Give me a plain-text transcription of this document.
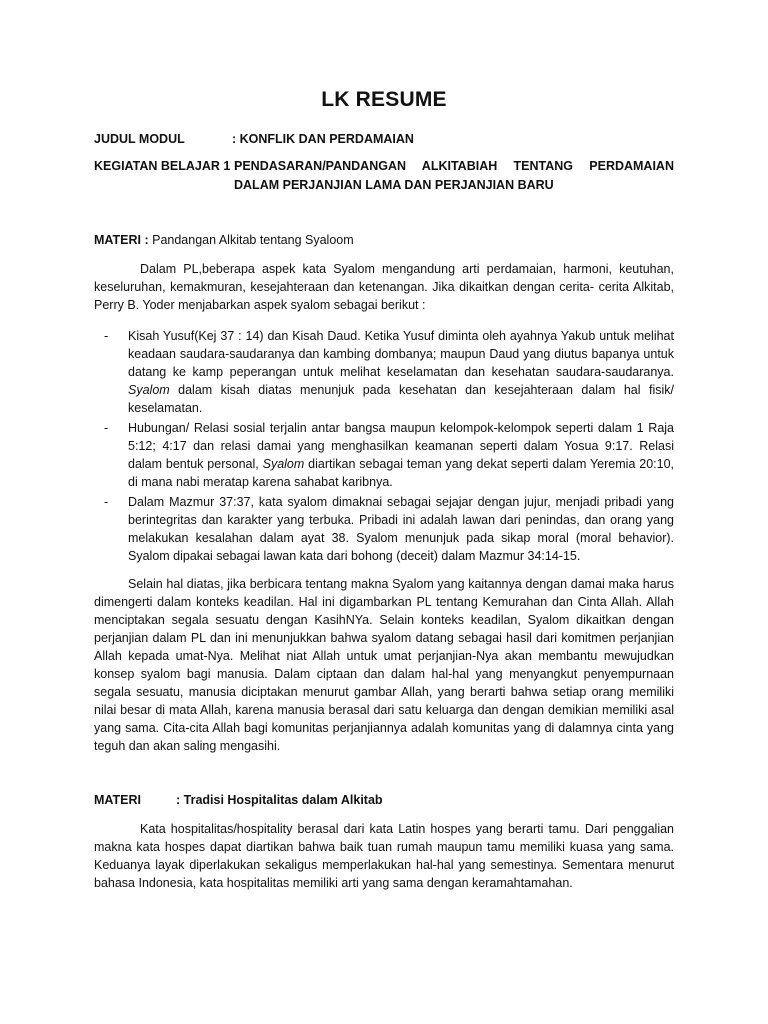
LK RESUME
JUDUL MODUL	: KONFLIK DAN PERDAMAIAN
KEGIATAN BELAJAR 1 :
PENDASARAN/PANDANGAN ALKITABIAH TENTANG PERDAMAIAN DALAM PERJANJIAN LAMA DAN PERJANJIAN BARU
MATERI : Pandangan Alkitab tentang Syaloom

Dalam PL,beberapa aspek kata Syalom mengandung arti perdamaian, harmoni, keutuhan, keseluruhan, kemakmuran, kesejahteraan dan ketenangan. Jika dikaitkan dengan cerita- cerita Alkitab, Perry B. Yoder menjabarkan aspek syalom sebagai berikut :

- Kisah Yusuf(Kej 37 : 14) dan Kisah Daud. Ketika Yusuf diminta oleh ayahnya Yakub untuk melihat keadaan saudara-saudaranya dan kambing dombanya; maupun Daud yang diutus bapanya untuk datang ke kamp peperangan untuk melihat keselamatan dan kesehatan saudara-saudaranya. Syalom dalam kisah diatas menunjuk pada kesehatan dan kesejahteraan dalam hal fisik/ keselamatan.
- Hubungan/ Relasi sosial terjalin antar bangsa maupun kelompok-kelompok seperti dalam 1 Raja 5:12; 4:17 dan relasi damai yang menghasilkan keamanan seperti dalam Yosua 9:17. Relasi dalam bentuk personal, Syalom diartikan sebagai teman yang dekat seperti dalam Yeremia 20:10, di mana nabi meratap karena sahabat karibnya.
- Dalam Mazmur 37:37, kata syalom dimaknai sebagai sejajar dengan jujur, menjadi pribadi yang berintegritas dan karakter yang terbuka. Pribadi ini adalah lawan dari penindas, dan orang yang melakukan kesalahan dalam ayat 38. Syalom menunjuk pada sikap moral (moral behavior). Syalom dipakai sebagai lawan kata dari bohong (deceit) dalam Mazmur 34:14-15.

Selain hal diatas, jika berbicara tentang makna Syalom yang kaitannya dengan damai maka harus dimengerti dalam konteks keadilan. Hal ini digambarkan PL tentang Kemurahan dan Cinta Allah. Allah menciptakan segala sesuatu dengan KasihNYa. Selain konteks keadilan, Syalom dikaitkan dengan perjanjian dalam PL dan ini menunjukkan bahwa syalom datang sebagai hasil dari komitmen perjanjian Allah kepada umat-Nya. Melihat niat Allah untuk umat perjanjian-Nya akan membantu mewujudkan konsep syalom bagi manusia. Dalam ciptaan dan dalam hal-hal yang menyangkut penyempurnaan segala sesuatu, manusia diciptakan menurut gambar Allah, yang berarti bahwa setiap orang memiliki nilai besar di mata Allah, karena manusia berasal dari satu keluarga dan dengan demikian memiliki asal yang sama. Cita-cita Allah bagi komunitas perjanjiannya adalah komunitas yang di dalamnya cinta yang teguh dan akan saling mengasihi.

MATERI	: Tradisi Hospitalitas dalam Alkitab

Kata hospitalitas/hospitality berasal dari kata Latin hospes yang berarti tamu. Dari penggalian makna kata hospes dapat diartikan bahwa baik tuan rumah maupun tamu memiliki kuasa yang sama. Keduanya layak diperlakukan sekaligus memperlakukan hal-hal yang semestinya. Sementara menurut bahasa Indonesia, kata hospitalitas memiliki arti yang sama dengan keramahtamahan.
